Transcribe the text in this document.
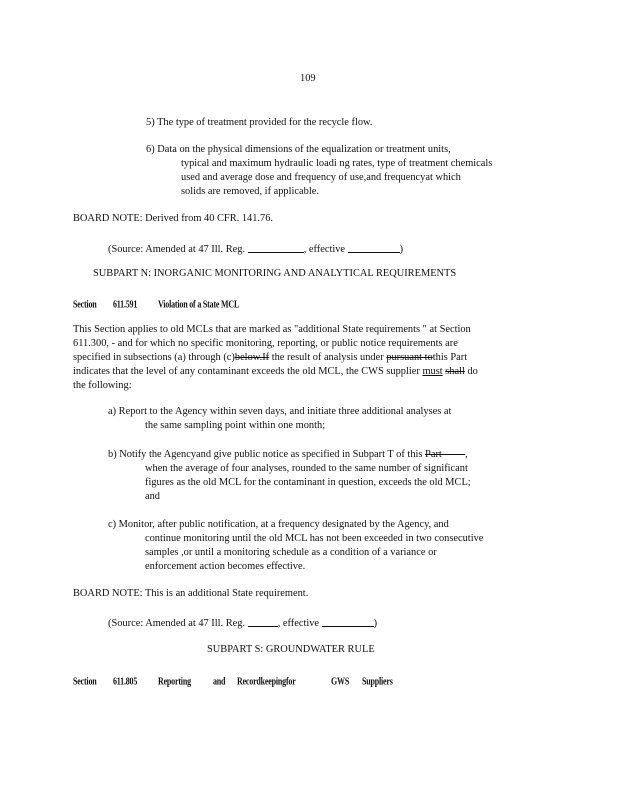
109
5) The type of treatment provided for the recycle flow.
6) Data on the physical dimensions of the equalization or treatment units,
typical and maximum hydraulic loadi ng rates, type of treatment chemicals
used and average dose and frequency of use,and frequencyat which
solids are removed, if applicable.
BOARD NOTE: Derived from 40 CFR. 141.76.
(Source: Amended at 47 Ill. Reg.	, effective	)
SUBPART N: INORGANIC MONITORING AND ANALYTICAL REQUIREMENTS
Section 611.591	Violation of a State MCL
This Section applies to old MCLs that are marked as "additional State requirements " at Section
611.300, - and for which no specific monitoring, reporting, or public notice requirements are
specified in subsections (a) through (c)below.If the result of analysis under pursuant tothis Part
indicates that the level of any contaminant exceeds the old MCL, the CWS supplier must shall do
the following:
a) Report to the Agency within seven days, and initiate three additional analyses at
the same sampling point within one month;
b) Notify the Agencyand give public notice as specified in Subpart T of this Part         ,
when the average of four analyses, rounded to the same number of significant
figures as the old MCL for the contaminant in question, exceeds the old MCL;
and
c) Monitor, after public notification, at a frequency designated by the Agency, and
continue monitoring until the old MCL has not been exceeded in two consecutive
samples ,or until a monitoring schedule as a condition of a variance or
enforcement action becomes effective.
BOARD NOTE: This is an additional State requirement.
(Source: Amended at 47 Ill. Reg.	, effective	)
SUBPART S: GROUNDWATER RULE
Section 611.805	Reporting	and Recordkeepingfor	GWS Suppliers
